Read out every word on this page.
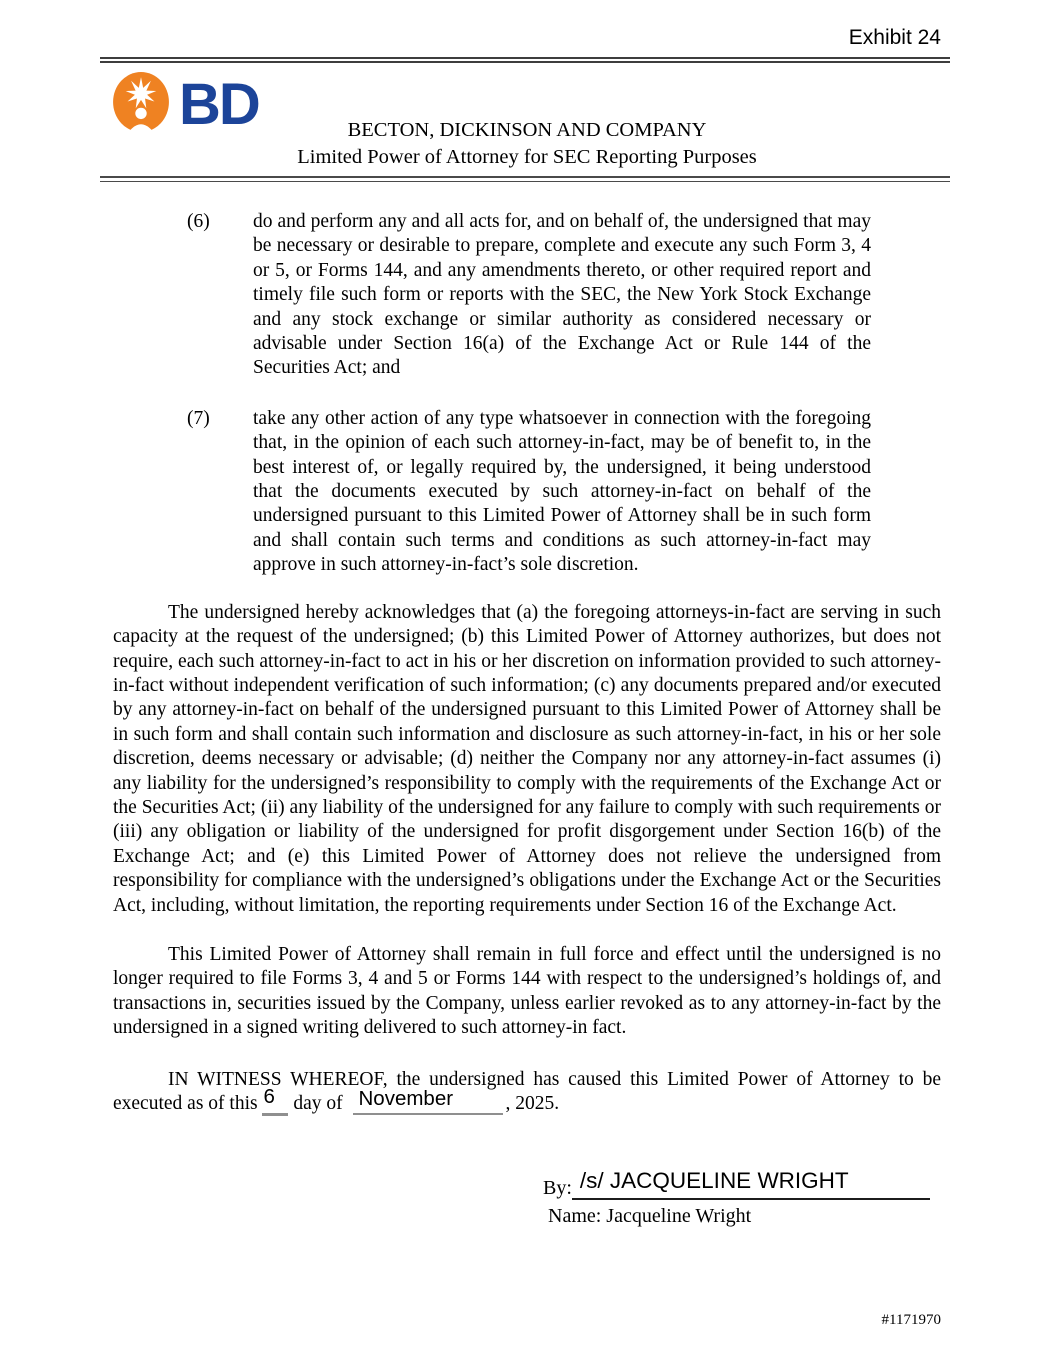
Exhibit 24
BD	BECTON, DICKINSON AND COMPANY
Limited Power of Attorney for SEC Reporting Purposes

(6) do and perform any and all acts for, and on behalf of, the undersigned that may be necessary or desirable to prepare, complete and execute any such Form 3, 4 or 5, or Forms 144, and any amendments thereto, or other required report and timely file such form or reports with the SEC, the New York Stock Exchange and any stock exchange or similar authority as considered necessary or advisable under Section 16(a) of the Exchange Act or Rule 144 of the Securities Act; and

(7) take any other action of any type whatsoever in connection with the foregoing that, in the opinion of each such attorney-in-fact, may be of benefit to, in the best interest of, or legally required by, the undersigned, it being understood that the documents executed by such attorney-in-fact on behalf of the undersigned pursuant to this Limited Power of Attorney shall be in such form and shall contain such terms and conditions as such attorney-in-fact may approve in such attorney-in-fact’s sole discretion.

The undersigned hereby acknowledges that (a) the foregoing attorneys-in-fact are serving in such capacity at the request of the undersigned; (b) this Limited Power of Attorney authorizes, but does not require, each such attorney-in-fact to act in his or her discretion on information provided to such attorney-in-fact without independent verification of such information; (c) any documents prepared and/or executed by any attorney-in-fact on behalf of the undersigned pursuant to this Limited Power of Attorney shall be in such form and shall contain such information and disclosure as such attorney-in-fact, in his or her sole discretion, deems necessary or advisable; (d) neither the Company nor any attorney-in-fact assumes (i) any liability for the undersigned’s responsibility to comply with the requirements of the Exchange Act or the Securities Act; (ii) any liability of the undersigned for any failure to comply with such requirements or (iii) any obligation or liability of the undersigned for profit disgorgement under Section 16(b) of the Exchange Act; and (e) this Limited Power of Attorney does not relieve the undersigned from responsibility for compliance with the undersigned’s obligations under the Exchange Act or the Securities Act, including, without limitation, the reporting requirements under Section 16 of the Exchange Act.

This Limited Power of Attorney shall remain in full force and effect until the undersigned is no longer required to file Forms 3, 4 and 5 or Forms 144 with respect to the undersigned’s holdings of, and transactions in, securities issued by the Company, unless earlier revoked as to any attorney-in-fact by the undersigned in a signed writing delivered to such attorney-in fact.

IN WITNESS WHEREOF, the undersigned has caused this Limited Power of Attorney to be executed as of this 6 day of November	, 2025.

By: /s/ JACQUELINE WRIGHT
Name: Jacqueline Wright
#1171970
